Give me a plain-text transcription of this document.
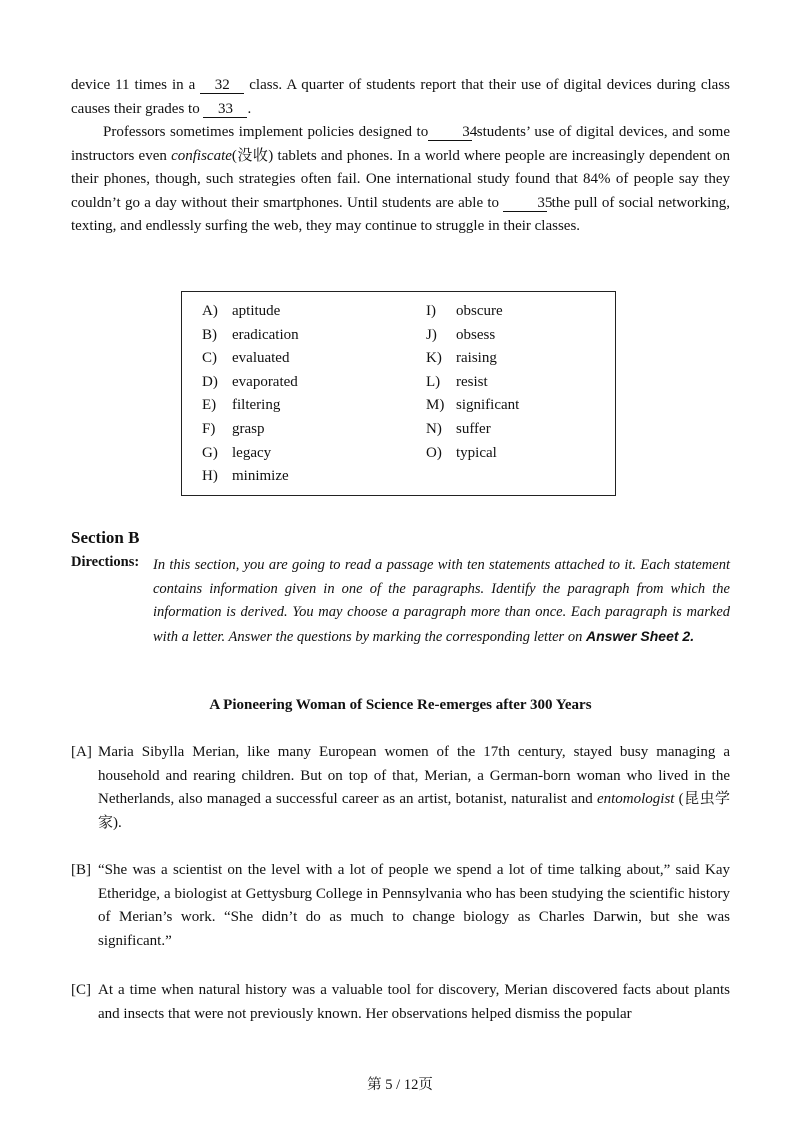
device 11 times in a 32 class. A quarter of students report that their use of digital devices during class causes their grades to 33 .

Professors sometimes implement policies designed to 34 students’ use of digital devices, and some instructors even confiscate(没收) tablets and phones. In a world where people are increasingly dependent on their phones, though, such strategies often fail. One international study found that 84% of people say they couldn’t go a day without their smartphones. Until students are able to	35 the pull of social networking, texting, and endlessly surfing the web, they may continue to struggle in their classes.

A) aptitude
B) eradication
C) evaluated
D) evaporated
E) filtering
F) grasp
G) legacy
H) minimize
I) obscure
J) obsess
K) raising
L) resist
M) significant
N) suffer
O) typical
Section B
Directions: In this section, you are going to read a passage with ten statements attached to it. Each statement contains information given in one of the paragraphs. Identify the paragraph from which the information is derived. You may choose a paragraph more than once. Each paragraph is marked with a letter. Answer the questions by marking the corresponding letter on Answer Sheet 2.

A Pioneering Woman of Science Re-emerges after 300 Years
[A] Maria Sibylla Merian, like many European women of the 17th century, stayed busy managing a household and rearing children. But on top of that, Merian, a German-born woman who lived in the Netherlands, also managed a successful career as an artist, botanist, naturalist and entomologist (昆虫学家).

[B] “She was a scientist on the level with a lot of people we spend a lot of time talking about,” said Kay Etheridge, a biologist at Gettysburg College in Pennsylvania who has been studying the scientific history of Merian’s work. “She didn’t do as much to change biology as Charles Darwin, but she was significant.”

[C] At a time when natural history was a valuable tool for discovery, Merian discovered facts about plants and insects that were not previously known. Her observations helped dismiss the popular

第 5 / 12页
